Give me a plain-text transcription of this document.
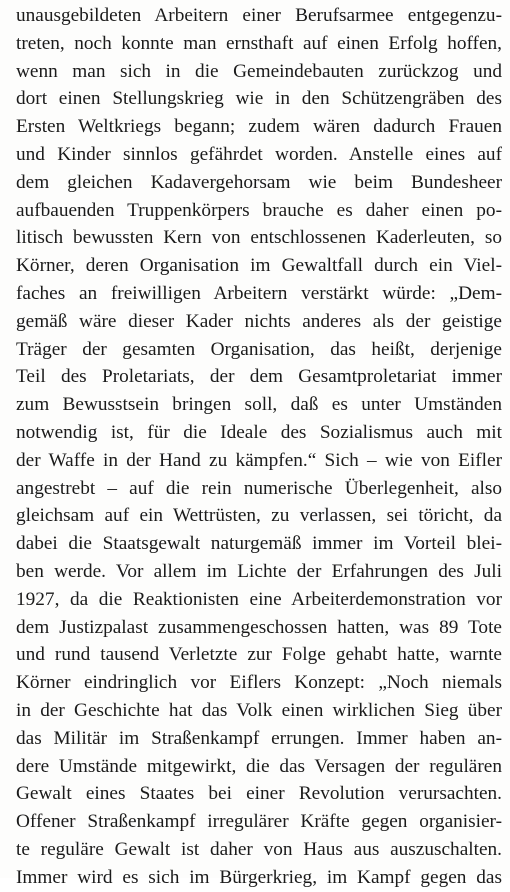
unausgebildeten Arbeitern einer Berufsarmee entgegenzu-
treten, noch konnte man ernsthaft auf einen Erfolg hoffen,
wenn man sich in die Gemeindebauten zurückzog und
dort einen Stellungskrieg wie in den Schützengräben des
Ersten Weltkriegs begann; zudem wären dadurch Frauen
und Kinder sinnlos gefährdet worden. Anstelle eines auf
dem gleichen Kadavergehorsam wie beim Bundesheer
aufbauenden Truppenkörpers brauche es daher einen po-
litisch bewussten Kern von entschlossenen Kaderleuten, so
Körner, deren Organisation im Gewaltfall durch ein Viel-
faches an freiwilligen Arbeitern verstärkt würde: „Dem-
gemäß wäre dieser Kader nichts anderes als der geistige
Träger der gesamten Organisation, das heißt, derjenige
Teil des Proletariats, der dem Gesamtproletariat immer
zum Bewusstsein bringen soll, daß es unter Umständen
notwendig ist, für die Ideale des Sozialismus auch mit
der Waffe in der Hand zu kämpfen.“ Sich – wie von Eifler
angestrebt – auf die rein numerische Überlegenheit, also
gleichsam auf ein Wettrüsten, zu verlassen, sei töricht, da
dabei die Staatsgewalt naturgemäß immer im Vorteil blei-
ben werde. Vor allem im Lichte der Erfahrungen des Juli
1927, da die Reaktionisten eine Arbeiterdemonstration vor
dem Justizpalast zusammengeschossen hatten, was 89 Tote
und rund tausend Verletzte zur Folge gehabt hatte, warnte
Körner eindringlich vor Eiflers Konzept: „Noch niemals
in der Geschichte hat das Volk einen wirklichen Sieg über
das Militär im Straßenkampf errungen. Immer haben an-
dere Umstände mitgewirkt, die das Versagen der regulären
Gewalt eines Staates bei einer Revolution verursachten.
Offener Straßenkampf irregulärer Kräfte gegen organisier-
te reguläre Gewalt ist daher von Haus aus auszuschalten.
Immer wird es sich im Bürgerkrieg, im Kampf gegen das
